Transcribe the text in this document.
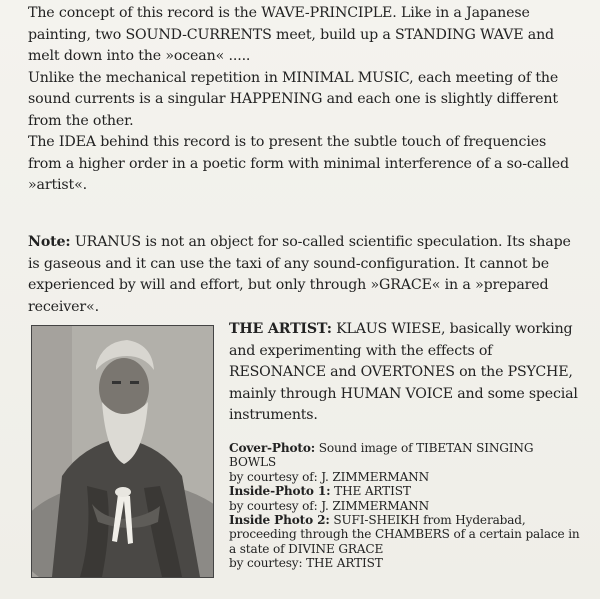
The concept of this record is the WAVE-PRINCIPLE. Like in a Japanese painting, two SOUND-CURRENTS meet, build up a STANDING WAVE and melt down into the »ocean« .....

Unlike the mechanical repetition in MINIMAL MUSIC, each meeting of the sound currents is a singular HAPPENING and each one is slightly different from the other.

The IDEA behind this record is to present the subtle touch of frequencies from a higher order in a poetic form with minimal interference of a so-called »artist«.

Note: URANUS is not an object for so-called scientific speculation. Its shape is gaseous and it can use the taxi of any sound-configuration. It cannot be experienced by will and effort, but only through »GRACE« in a »prepared receiver«.

THE ARTIST: KLAUS WIESE, basically working and experimenting with the effects of RESONANCE and OVERTONES on the PSYCHE, mainly through HUMAN VOICE and some special instruments.

Cover-Photo: Sound image of TIBETAN SINGING BOWLS

by courtesy of: J. ZIMMERMANN

Inside-Photo 1: THE ARTIST

by courtesy of: J. ZIMMERMANN

Inside Photo 2: SUFI-SHEIKH from Hyderabad, proceeding through the CHAMBERS of a certain palace in a state of DIVINE GRACE

by courtesy: THE ARTIST
